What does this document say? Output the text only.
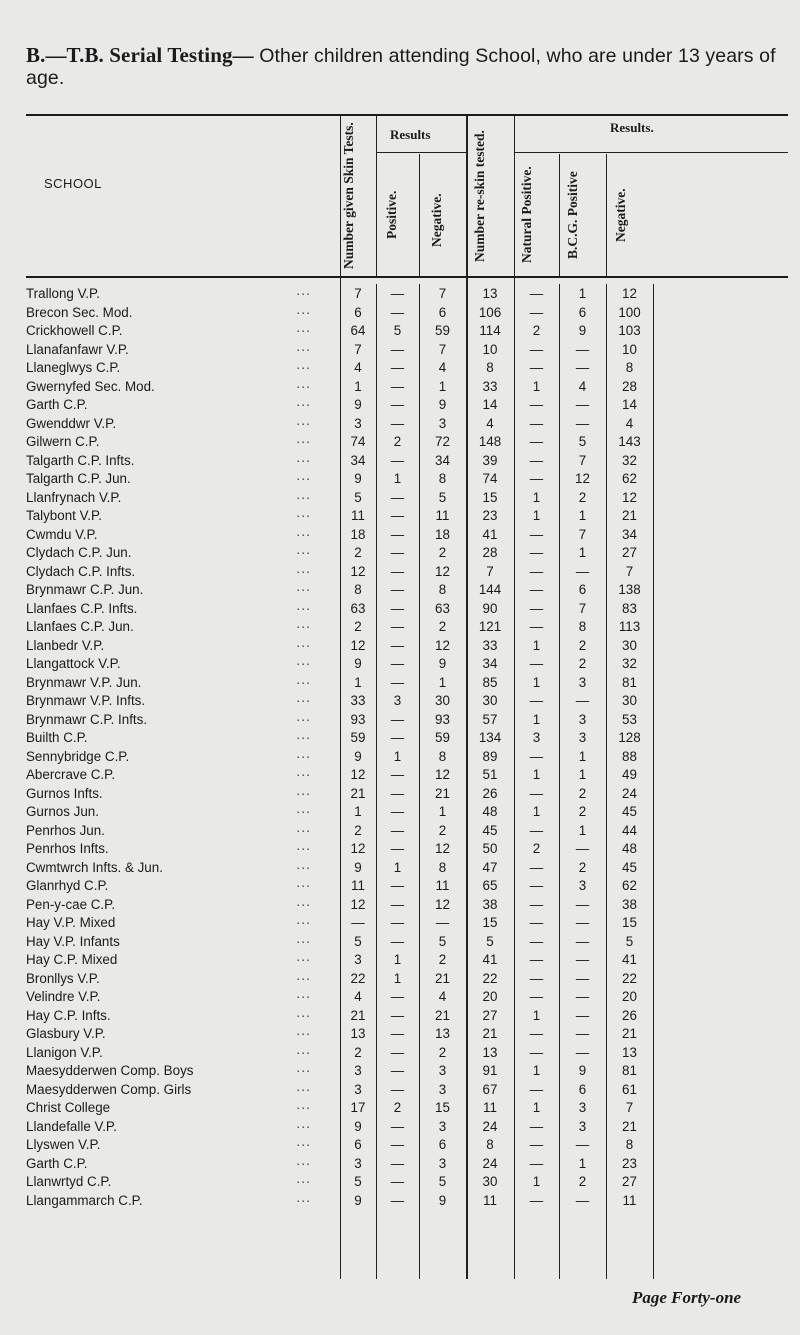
B.—T.B. Serial Testing— Other children attending School, who are under 13 years of age.
SCHOOL	Number given Skin Tests.	Results
Positive.	Negative.	Number re-skin tested.
Results.
Natural Positive.	B.C.G. Positive	Negative.
Trallong V.P. ···	7	—	7	13	—	1	12
Brecon Sec. Mod. ···	6	—	6	106	—	6	100
Crickhowell C.P. ···	64	5	59	114	2	9	103
Llanafanfawr V.P. ···	7	—	7	10	—	—	10
Llaneglwys C.P. ···	4	—	4	8	—	—	8
Gwernyfed Sec. Mod. ···	1	—	1	33	1	4	28
Garth C.P. ···	9	—	9	14	—	—	14
Gwenddwr V.P. ···	3	—	3	4	—	—	4
Gilwern C.P. ···	74	2	72	148	—	5	143
Talgarth C.P. Infts. ···	34	—	34	39	—	7	32
Talgarth C.P. Jun. ···	9	1	8	74	—	12	62
Llanfrynach V.P. ···	5	—	5	15	1	2	12
Talybont V.P. ···	11	—	11	23	1	1	21
Cwmdu V.P. ···	18	—	18	41	—	7	34
Clydach C.P. Jun. ···	2	—	2	28	—	1	27
Clydach C.P. Infts. ···	12	—	12	7	—	—	7
Brynmawr C.P. Jun. ···	8	—	8	144	—	6	138
Llanfaes C.P. Infts. ···	63	—	63	90	—	7	83
Llanfaes C.P. Jun. ···	2	—	2	121	—	8	113
Llanbedr V.P. ···	12	—	12	33	1	2	30
Llangattock V.P. ···	9	—	9	34	—	2	32
Brynmawr V.P. Jun. ···	1	—	1	85	1	3	81
Brynmawr V.P. Infts. ···	33	3	30	30	—	—	30
Brynmawr C.P. Infts. ···	93	—	93	57	1	3	53
Builth C.P. ···	59	—	59	134	3	3	128
Sennybridge C.P. ···	9	1	8	89	—	1	88
Abercrave C.P. ···	12	—	12	51	1	1	49
Gurnos Infts. ···	21	—	21	26	—	2	24
Gurnos Jun. ···	1	—	1	48	1	2	45
Penrhos Jun. ···	2	—	2	45	—	1	44
Penrhos Infts. ···	12	—	12	50	2	—	48
Cwmtwrch Infts. & Jun. ···	9	1	8	47	—	2	45
Glanrhyd C.P. ···	11	—	11	65	—	3	62
Pen-y-cae C.P. ···	12	—	12	38	—	—	38
Hay V.P. Mixed ···	—	—	—	15	—	—	15
Hay V.P. Infants ···	5	—	5	5	—	—	5
Hay C.P. Mixed ···	3	1	2	41	—	—	41
Bronllys V.P. ···	22	1	21	22	—	—	22
Velindre V.P. ···	4	—	4	20	—	—	20
Hay C.P. Infts. ···	21	—	21	27	1	—	26
Glasbury V.P. ···	13	—	13	21	—	—	21
Llanigon V.P. ···	2	—	2	13	—	—	13
Maesydderwen Comp. Boys ···	3	—	3	91	1	9	81
Maesydderwen Comp. Girls ···	3	—	3	67	—	6	61
Christ College ···	17	2	15	11	1	3	7
Llandefalle V.P. ···	9	—	3	24	—	3	21
Llyswen V.P. ···	6	—	6	8	—	—	8
Garth C.P. ···	3	—	3	24	—	1	23
Llanwrtyd C.P. ···	5	—	5	30	1	2	27
Llangammarch C.P. ···	9	—	9	11	—	—	11
Page Forty-one
